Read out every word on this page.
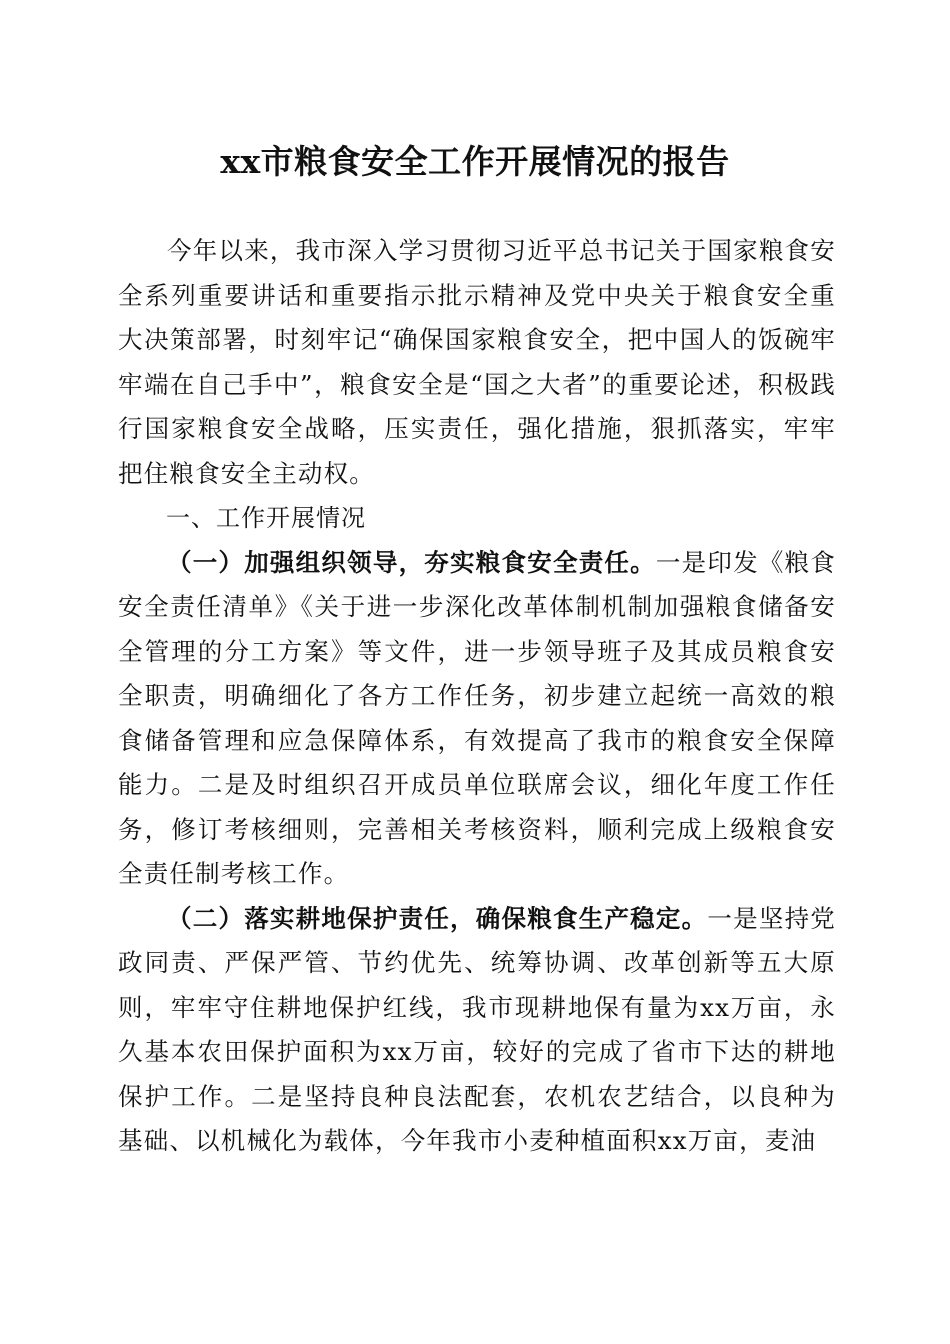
xx市粮食安全工作开展情况的报告

今年以来，我市深入学习贯彻习近平总书记关于国家粮食安全系列重要讲话和重要指示批示精神及党中央关于粮食安全重大决策部署，时刻牢记“确保国家粮食安全，把中国人的饭碗牢牢端在自己手中”，粮食安全是“国之大者”的重要论述，积极践行国家粮食安全战略，压实责任，强化措施，狠抓落实，牢牢把住粮食安全主动权。

一、工作开展情况

（一）加强组织领导，夯实粮食安全责任。一是印发《粮食安全责任清单》《关于进一步深化改革体制机制加强粮食储备安全管理的分工方案》等文件，进一步领导班子及其成员粮食安全职责，明确细化了各方工作任务，初步建立起统一高效的粮食储备管理和应急保障体系，有效提高了我市的粮食安全保障能力。二是及时组织召开成员单位联席会议，细化年度工作任务，修订考核细则，完善相关考核资料，顺利完成上级粮食安全责任制考核工作。

（二）落实耕地保护责任，确保粮食生产稳定。一是坚持党政同责、严保严管、节约优先、统筹协调、改革创新等五大原则，牢牢守住耕地保护红线，我市现耕地保有量为xx万亩，永久基本农田保护面积为xx万亩，较好的完成了省市下达的耕地保护工作。二是坚持良种良法配套，农机农艺结合，以良种为基础、以机械化为载体，今年我市小麦种植面积xx万亩，麦油
